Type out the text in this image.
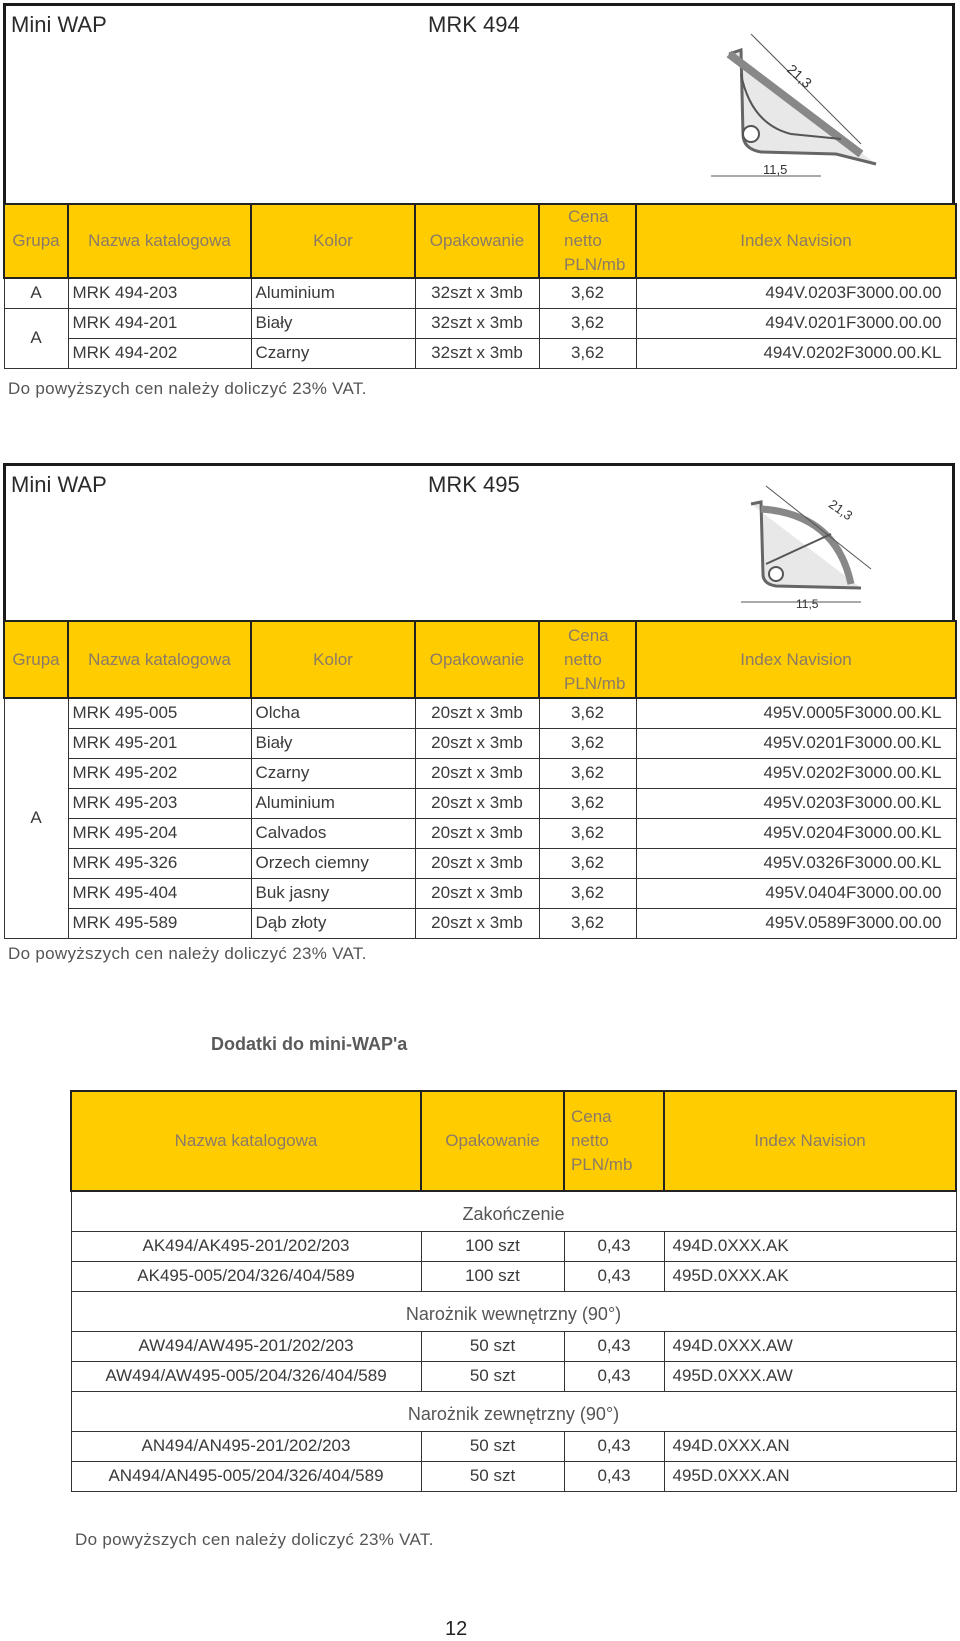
Mini WAP	MRK 494
11,5
21,3
Grupa	Nazwa katalogowa	Kolor	Opakowanie	Cena
netto
PLN/mb	Index Navision
A	MRK 494-203	Aluminium	32szt x 3mb	3,62	494V.0203F3000.00.00
A	MRK 494-201	Biały	32szt x 3mb	3,62	494V.0201F3000.00.00
	MRK 494-202	Czarny	32szt x 3mb	3,62	494V.0202F3000.00.KL
Do powyższych cen należy doliczyć 23% VAT.
Mini WAP	MRK 495
11,5
21,3
Grupa	Nazwa katalogowa	Kolor	Opakowanie	Cena
netto
PLN/mb	Index Navision
A	MRK 495-005	Olcha	20szt x 3mb	3,62	495V.0005F3000.00.KL
	MRK 495-201	Biały	20szt x 3mb	3,62	495V.0201F3000.00.KL
	MRK 495-202	Czarny	20szt x 3mb	3,62	495V.0202F3000.00.KL
	MRK 495-203	Aluminium	20szt x 3mb	3,62	495V.0203F3000.00.KL
	MRK 495-204	Calvados	20szt x 3mb	3,62	495V.0204F3000.00.KL
	MRK 495-326	Orzech ciemny	20szt x 3mb	3,62	495V.0326F3000.00.KL
	MRK 495-404	Buk jasny	20szt x 3mb	3,62	495V.0404F3000.00.00
	MRK 495-589	Dąb złoty	20szt x 3mb	3,62	495V.0589F3000.00.00
Do powyższych cen należy doliczyć 23% VAT.
Dodatki do mini-WAP'a
Nazwa katalogowa	Opakowanie	Cena
netto
PLN/mb	Index Navision
Zakończenie			
AK494/AK495-201/202/203	100 szt	0,43	494D.0XXX.AK
AK495-005/204/326/404/589	100 szt	0,43	495D.0XXX.AK
Narożnik wewnętrzny (90°)			
AW494/AW495-201/202/203	50 szt	0,43	494D.0XXX.AW
AW494/AW495-005/204/326/404/589	50 szt	0,43	495D.0XXX.AW
Narożnik zewnętrzny (90°)			
AN494/AN495-201/202/203	50 szt	0,43	494D.0XXX.AN
AN494/AN495-005/204/326/404/589	50 szt	0,43	495D.0XXX.AN
Do powyższych cen należy doliczyć 23% VAT.
12
